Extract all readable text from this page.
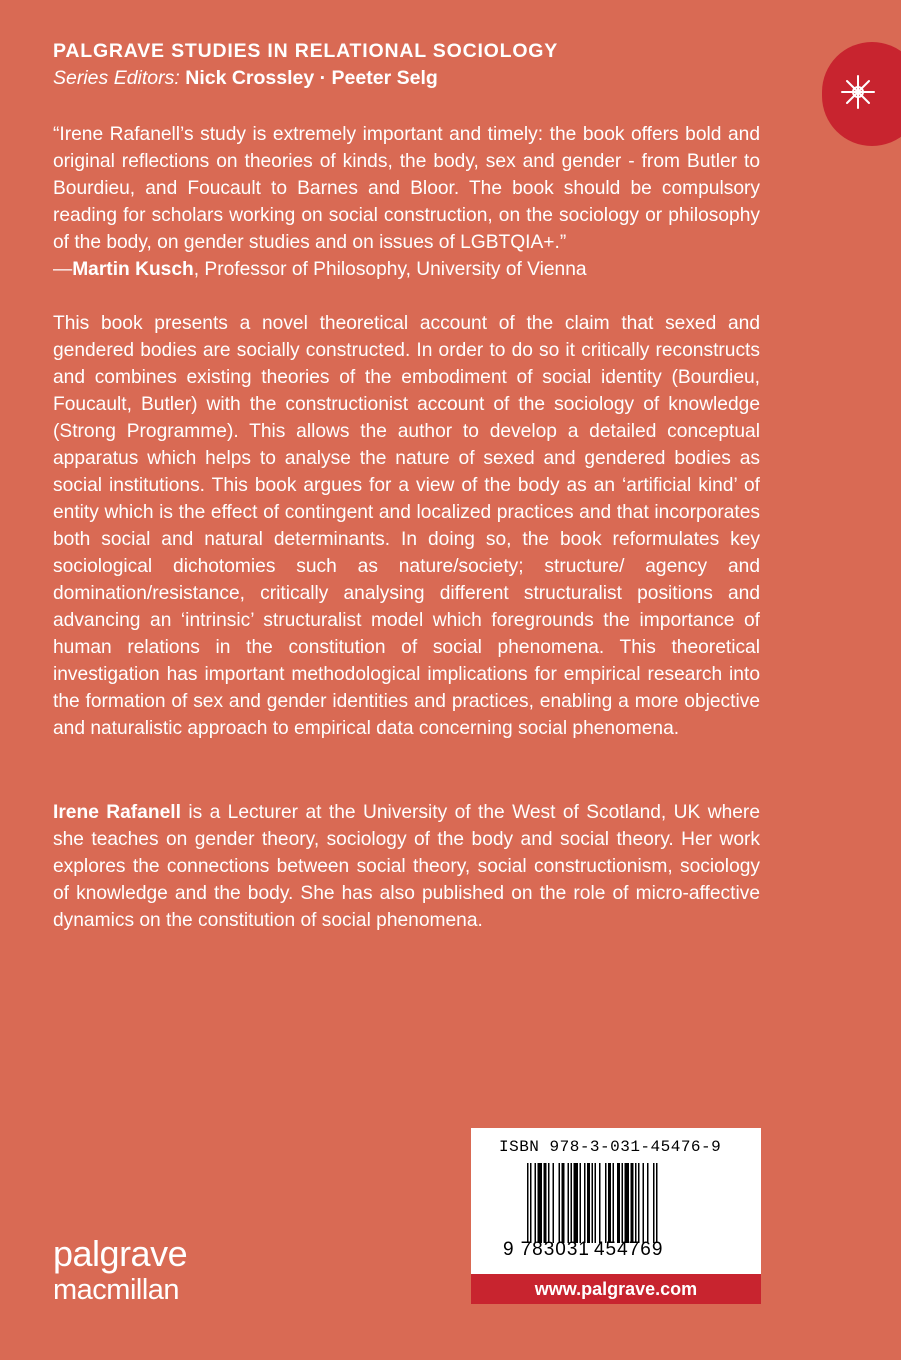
PALGRAVE STUDIES IN RELATIONAL SOCIOLOGY
Series Editors: Nick Crossley · Peeter Selg

“Irene Rafanell’s study is extremely important and timely: the book offers bold and original reflections on theories of kinds, the body, sex and gender - from Butler to Bourdieu, and Foucault to Barnes and Bloor. The book should be compulsory reading for scholars working on social construction, on the sociology or philosophy of the body, on gender studies and on issues of LGBTQIA+.”

—Martin Kusch, Professor of Philosophy, University of Vienna

This book presents a novel theoretical account of the claim that sexed and gendered bodies are socially constructed. In order to do so it critically reconstructs and combines existing theories of the embodiment of social identity (Bourdieu, Foucault, Butler) with the constructionist account of the sociology of knowledge (Strong Programme). This allows the author to develop a detailed conceptual apparatus which helps to analyse the nature of sexed and gendered bodies as social institutions. This book argues for a view of the body as an ‘artificial kind’ of entity which is the effect of contingent and localized practices and that incorporates both social and natural determinants. In doing so, the book reformulates key sociological dichotomies such as nature/society; structure/ agency and domination/resistance, critically analysing different structuralist positions and advancing an ‘intrinsic’ structuralist model which foregrounds the importance of human relations in the constitution of social phenomena. This theoretical investigation has important methodological implications for empirical research into the formation of sex and gender identities and practices, enabling a more objective and naturalistic approach to empirical data concerning social phenomena.

Irene Rafanell is a Lecturer at the University of the West of Scotland, UK where she teaches on gender theory, sociology of the body and social theory. Her work explores the connections between social theory, social constructionism, sociology of knowledge and the body. She has also published on the role of micro-affective dynamics on the constitution of social phenomena.

palgrave
macmillan
ISBN 978-3-031-45476-9
9 783031 454769
www.palgrave.com
